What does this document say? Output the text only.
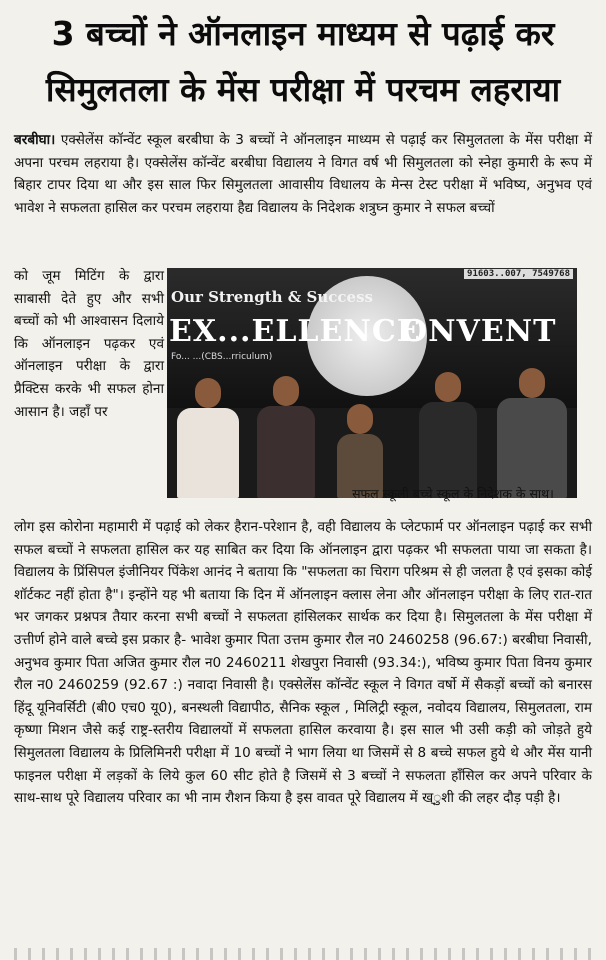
3 बच्चों ने ऑनलाइन माध्यम से पढ़ाई कर
सिमुलतला के मेंस परीक्षा में परचम लहराया

बरबीघा। एक्सेलेंस कॉन्वेंट स्कूल बरबीघा के 3 बच्चों ने ऑनलाइन माध्यम से पढ़ाई कर सिमुलतला के मेंस परीक्षा में अपना परचम लहराया है। एक्सेलेंस कॉन्वेंट बरबीघा विद्यालय ने विगत वर्ष भी सिमुलतला को स्नेहा कुमारी के रूप में बिहार टापर दिया था और इस साल फिर सिमुलतला आवासीय विधालय के मेन्स टेस्ट परीक्षा में भविष्य, अनुभव एवं भावेश ने सफलता हासिल कर परचम लहराया हैद्य विद्यालय के निदेशक शत्रुघ्न कुमार ने सफल बच्चों

को जूम मिटिंग के द्वारा साबासी देते हुए और सभी बच्चों को भी आश्वासन दिलाये कि ऑनलाइन पढ़कर एवं ऑनलाइन परीक्षा के द्वारा प्रैक्टिस करके भी सफल होना आसान है। जहाँ पर

Our Strength & Success
EX...ELLENCE
ONVENT
Fo... ...(CBS...rriculum)
91603..007, 7549768
सफल स्कूली बच्चे स्कूल के निदेशक के साथ।

लोग इस कोरोना महामारी में पढ़ाई को लेकर हैरान-परेशान है, वही विद्यालय के प्लेटफार्म पर ऑनलाइन पढ़ाई कर सभी सफल बच्चों ने सफलता हासिल कर यह साबित कर दिया कि ऑनलाइन द्वारा पढ़कर भी सफलता पाया जा सकता है। विद्यालय के प्रिंसिपल इंजीनियर पिंकेश आनंद ने बताया कि "सफलता का चिराग परिश्रम से ही जलता है एवं इसका कोई शॉर्टकट नहीं होता है"। इन्होंने यह भी बताया कि दिन में ऑनलाइन क्लास लेना और ऑनलाइन परीक्षा के लिए रात-रात भर जगकर प्रश्नपत्र तैयार करना सभी बच्चों ने सफलता हांसिलकर सार्थक कर दिया है। सिमुलतला के मेंस परीक्षा में उत्तीर्ण होने वाले बच्चे इस प्रकार है- भावेश कुमार पिता उत्तम कुमार रौल न0 2460258 (96.67:) बरबीघा निवासी, अनुभव कुमार पिता अजित कुमार रौल न0 2460211 शेखपुरा निवासी (93.34:), भविष्य कुमार पिता विनय कुमार रौल न0 2460259 (92.67 :) नवादा निवासी है। एक्सेलेंस कॉन्वेंट स्कूल ने विगत वर्षो में सैकड़ों बच्चों को बनारस हिंदू यूनिवर्सिटी (बी0 एच0 यू0), बनस्थली विद्यापीठ, सैनिक स्कूल , मिलिट्री स्कूल, नवोदय विद्यालय, सिमुलतला, राम कृष्णा मिशन जैसे कई राष्ट्र-स्तरीय विद्यालयों में सफलता हासिल करवाया है। इस साल भी उसी कड़ी को जोड़ते हुये सिमुलतला विद्यालय के प्रिलिमिनरी परीक्षा में 10 बच्चों ने भाग लिया था जिसमें से 8 बच्चे सफल हुये थे और मेंस यानी फाइनल परीक्षा में लड़कों के लिये कुल 60 सीट होते है जिसमें से 3 बच्चों ने सफलता हाँसिल कर अपने परिवार के साथ-साथ पूरे विद्यालय परिवार का भी नाम रौशन किया है इस वावत पूरे विद्यालय में ख्ुशी की लहर दौड़ पड़ी है।
